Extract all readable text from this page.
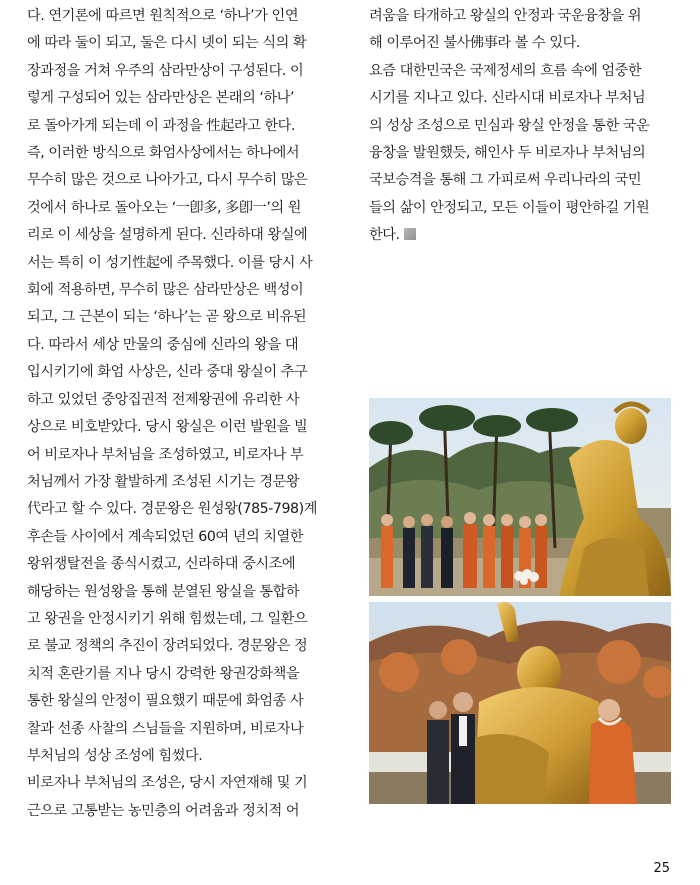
다. 연기론에 따르면 원칙적으로 ‘하나’가 인연
에 따라 둘이 되고, 둘은 다시 넷이 되는 식의 확
장과정을 거쳐 우주의 삼라만상이 구성된다. 이
렇게 구성되어 있는 삼라만상은 본래의 ‘하나’
로 돌아가게 되는데 이 과정을 性起라고 한다.
즉, 이러한 방식으로 화엄사상에서는 하나에서
무수히 많은 것으로 나아가고, 다시 무수히 많은
것에서 하나로 돌아오는 ‘一卽多, 多卽一’의 원
리로 이 세상을 설명하게 된다. 신라하대 왕실에
서는 특히 이 성기性起에 주목했다. 이를 당시 사
회에 적용하면, 무수히 많은 삼라만상은 백성이
되고, 그 근본이 되는 ‘하나’는 곧 왕으로 비유된
다. 따라서 세상 만물의 중심에 신라의 왕을 대
입시키기에 화엄 사상은, 신라 중대 왕실이 추구
하고 있었던 중앙집권적 전제왕권에 유리한 사
상으로 비호받았다. 당시 왕실은 이런 발원을 빌
어 비로자나 부처님을 조성하였고, 비로자나 부
처님께서 가장 활발하게 조성된 시기는 경문왕
代라고 할 수 있다. 경문왕은 원성왕(785-798)계
후손들 사이에서 계속되었던 60여 년의 치열한
왕위쟁탈전을 종식시켰고, 신라하대 중시조에
해당하는 원성왕을 통해 분열된 왕실을 통합하
고 왕권을 안정시키기 위해 힘썼는데, 그 일환으
로 불교 정책의 추진이 장려되었다. 경문왕은 정
치적 혼란기를 지나 당시 강력한 왕권강화책을
통한 왕실의 안정이 필요했기 때문에 화엄종 사
찰과 선종 사찰의 스님들을 지원하며, 비로자나
부처님의 성상 조성에 힘썼다.
비로자나 부처님의 조성은, 당시 자연재해 및 기
근으로 고통받는 농민층의 어려움과 정치적 어
려움을 타개하고 왕실의 안정과 국운융창을 위
해 이루어진 불사佛事라 볼 수 있다.
요즘 대한민국은 국제정세의 흐름 속에 엄중한
시기를 지나고 있다. 신라시대 비로자나 부처님
의 성상 조성으로 민심과 왕실 안정을 통한 국운
융창을 발원했듯, 해인사 두 비로자나 부처님의
국보승격을 통해 그 가피로써 우리나라의 국민
들의 삶이 안정되고, 모든 이들이 평안하길 기원
한다.
25
